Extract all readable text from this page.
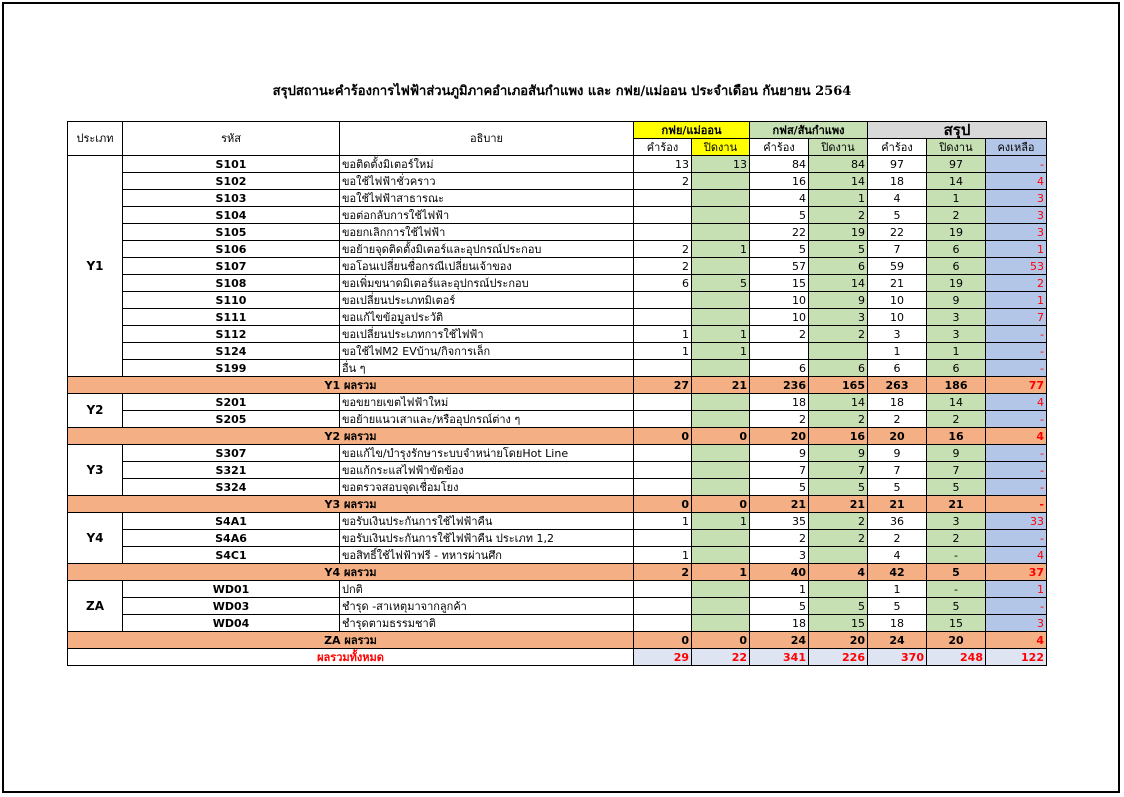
สรุปสถานะคำร้องการไฟฟ้าส่วนภูมิภาคอำเภอสันกำแพง และ กฟย/แม่ออน ประจำเดือน กันยายน 2564
ประเภท	รหัส	อธิบาย	กฟย/แม่ออน		กฟส/สันกำแพง		สรุป		
			คำร้อง	ปิดงาน	คำร้อง	ปิดงาน	คำร้อง	ปิดงาน	คงเหลือ
Y1	S101	ขอติดตั้งมิเตอร์ใหม่	13	13	84	84	97	97	-
	S102	ขอใช้ไฟฟ้าชั่วคราว	2		16	14	18	14	4
	S103	ขอใช้ไฟฟ้าสาธารณะ			4	1	4	1	3
	S104	ขอต่อกลับการใช้ไฟฟ้า			5	2	5	2	3
	S105	ขอยกเลิกการใช้ไฟฟ้า			22	19	22	19	3
	S106	ขอย้ายจุดติดตั้งมิเตอร์และอุปกรณ์ประกอบ	2	1	5	5	7	6	1
	S107	ขอโอนเปลี่ยนชื่อกรณีเปลี่ยนเจ้าของ	2		57	6	59	6	53
	S108	ขอเพิ่มขนาดมิเตอร์และอุปกรณ์ประกอบ	6	5	15	14	21	19	2
	S110	ขอเปลี่ยนประเภทมิเตอร์			10	9	10	9	1
	S111	ขอแก้ไขข้อมูลประวัติ			10	3	10	3	7
	S112	ขอเปลี่ยนประเภทการใช้ไฟฟ้า	1	1	2	2	3	3	-
	S124	ขอใช้ไฟM2 EVบ้าน/กิจการเล็ก	1	1			1	1	-
	S199	อื่น ๆ			6	6	6	6	-
Y1 ผลรวม			27	21	236	165	263	186	77
Y2	S201	ขอขยายเขตไฟฟ้าใหม่			18	14	18	14	4
	S205	ขอย้ายแนวเสาและ/หรืออุปกรณ์ต่าง ๆ			2	2	2	2	-
Y2 ผลรวม			0	0	20	16	20	16	4
Y3	S307	ขอแก้ไข/บำรุงรักษาระบบจำหน่ายโดยHot Line			9	9	9	9	-
	S321	ขอแก้กระแสไฟฟ้าขัดข้อง			7	7	7	7	-
	S324	ขอตรวจสอบจุดเชื่อมโยง			5	5	5	5	-
Y3 ผลรวม			0	0	21	21	21	21	-
Y4	S4A1	ขอรับเงินประกันการใช้ไฟฟ้าคืน	1	1	35	2	36	3	33
	S4A6	ขอรับเงินประกันการใช้ไฟฟ้าคืน ประเภท 1,2			2	2	2	2	-
	S4C1	ขอสิทธิ์ใช้ไฟฟ้าฟรี - ทหารผ่านศึก	1		3		4	-	4
Y4 ผลรวม			2	1	40	4	42	5	37
ZA	WD01	ปกติ			1		1	-	1
	WD03	ชำรุด -สาเหตุมาจากลูกค้า			5	5	5	5	-
	WD04	ชำรุดตามธรรมชาติ			18	15	18	15	3
ZA ผลรวม			0	0	24	20	24	20	4
ผลรวมทั้งหมด			29	22	341	226	370	248	122
